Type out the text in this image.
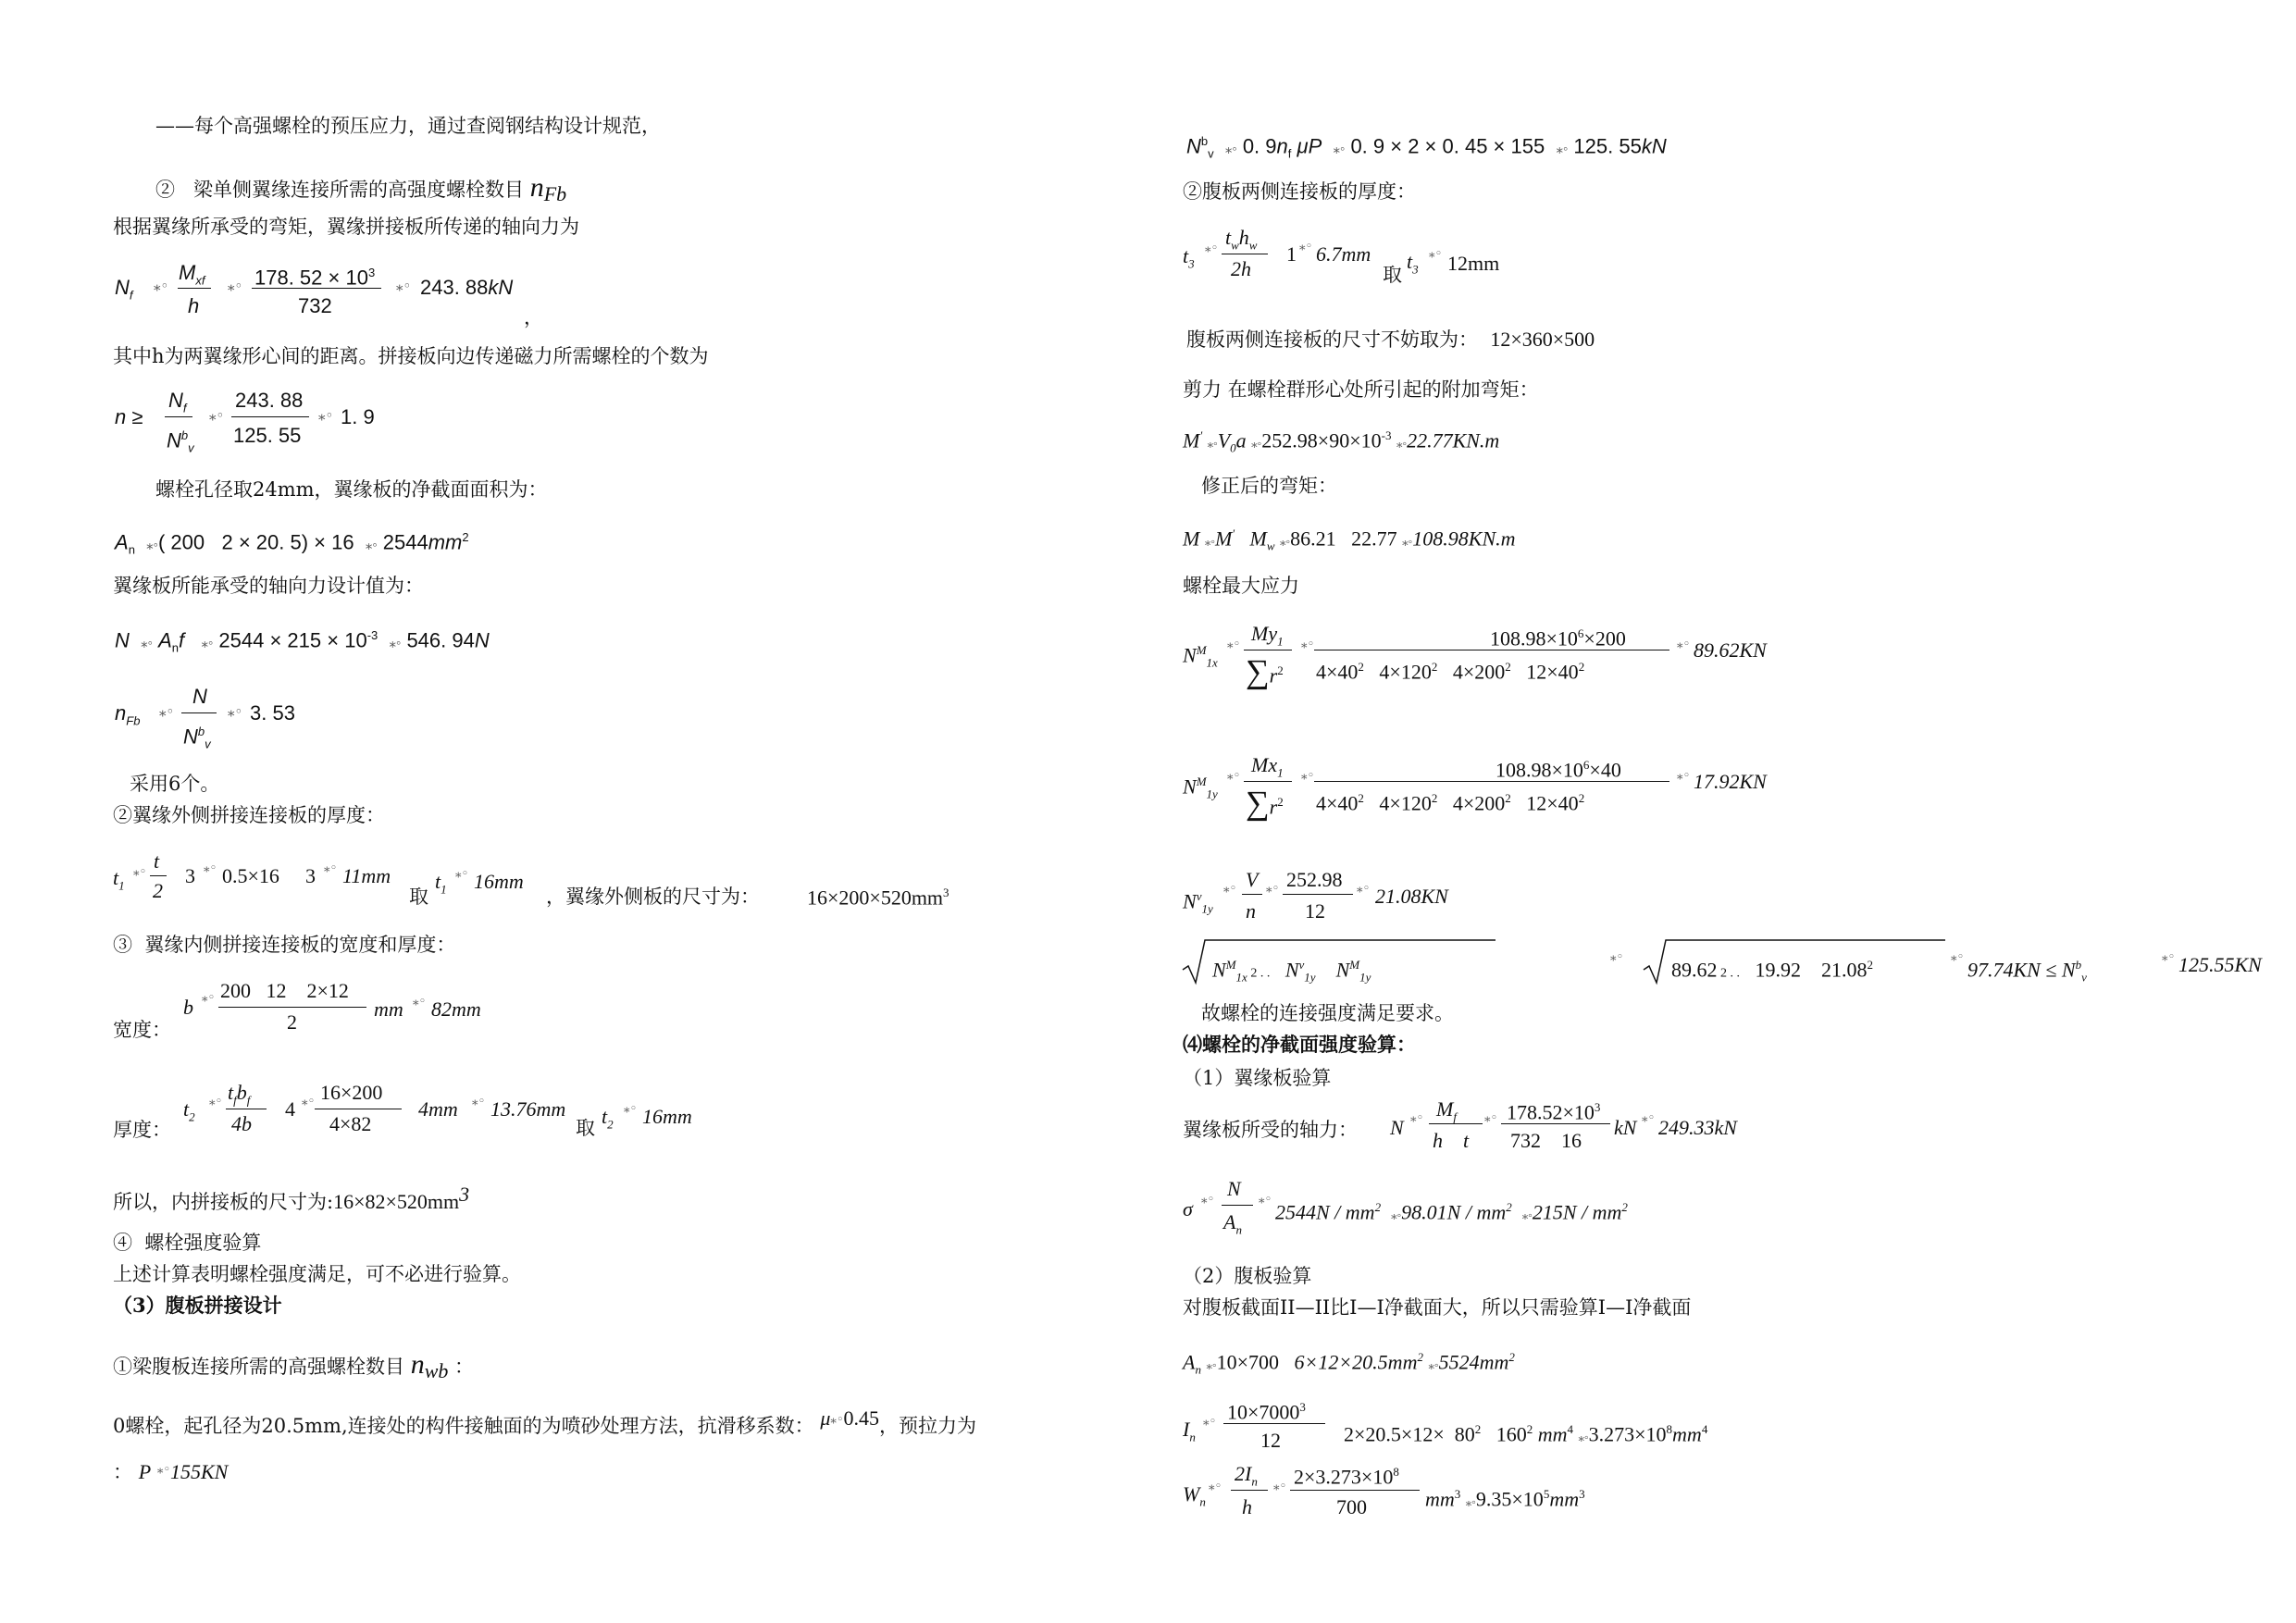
——每个高强螺栓的预压应力，通过查阅钢结构设计规范，
②   梁单侧翼缘连接所需的高强度螺栓数目 $n_{Fb}$
根据翼缘所承受的弯矩，翼缘拼接板所传递的轴向力为
$N_f$
⁎◦
$M_{xf}$
h
⁎◦ 178. $52 \times 10^3$
732
⁎◦ 243. 88kN
，
其中h为两翼缘形心间的距离。拼接板向边传递磁力所需螺栓的个数为
n ≥
$N_f$
$N^b_v$
⁎◦
243. 88
125. 55
⁎◦ 1. 9
螺栓孔径取24mm，翼缘板的净截面面积为：
$A_n$ ⁎◦( 200 2 × 20. 5) × 16 ⁎◦ $2544mm^2$
翼缘板所能承受的轴向力设计值为：
N ⁎◦ $A_nf$ ⁎◦ $2544 \times 215 \times 10^{-3}$ ⁎◦ 546. 94N
$n_{Fb}$
⁎◦
N
$N^b_v$
⁎◦ 3. 53
采用6个。
②翼缘外侧拼接连接板的厚度：
$t_1$
⁎◦ t
2
3 ⁎◦ 0.5×16 3 ⁎◦ 11mm
取
$t_1$
⁎◦ 16mm
，翼缘外侧板的尺寸为： $16\times 200\times 520mm^3$
③  翼缘内侧拼接连接板的宽度和厚度：
b ⁎◦ 200 12 2×12
2
mm ⁎◦ 82mm
宽度：
$t_2$
⁎◦ $t_fb_f$
4b
4 ⁎◦ 16×200
4×82
4mm ⁎◦ 13.76mm
取 $t_2$
⁎◦ 16mm
厚度：
所以，内拼接板的尺寸为$:16\times 82\times 520mm^3$
④  螺栓强度验算
上述计算表明螺栓强度满足，可不必进行验算。
（3）腹板拼接设计
①梁腹板连接所需的高强螺栓数目 $n_{wb}$ ：
0螺栓，起孔径为20.5mm,连接处的构件接触面的为喷砂处理方法，抗滑移系数： μ⁎◦0.45，预拉力为
： P ⁎◦155KN
$N^b_v$ ⁎◦ 0. $9n_f$ μP ⁎◦ 0. 9 × 2 × 0. 45 × 155 ⁎◦ 125. 55kN
②腹板两侧连接板的厚度：
$t_3$
⁎◦ $t_wh_w$
2h
1 ⁎◦ 6.7mm
取
$t_3$
⁎◦ 12mm
腹板两侧连接板的尺寸不妨取为： 12×360×500
剪力 在螺栓群形心处所引起的附加弯矩：
M' $⁎◦V_0a$ $⁎◦252.98\times 90\times 10^{-3}$ ⁎◦22.77KN.m
修正后的弯矩：
M ⁎◦M' $M_w$ ⁎◦86.21 22.77 ⁎◦108.98KN.m
螺栓最大应力
$N^M_{1x}$
⁎◦ $My_1$
$\sum r^2$
⁎◦	$108.98\times 10^6\times 200$
$4\times 40^2$ $4\times 120^2$ $4\times 200^2$ $12\times 40^2$
⁎◦ 89.62KN
$N^M_{1y}$
⁎◦ $Mx_1$
$\sum r^2$
⁎◦	$108.98\times 10^6\times 40$
$4\times 40^2$ $4\times 120^2$ $4\times 200^2$ $12\times 40^2$
⁎◦ 17.92KN
$N^v_{1y}$
⁎◦ V
n
⁎◦ 252.98
12
⁎◦ 21.08KN
$N^M_{1x}$ 2 . . $N^v_{1y}$ $N^M_{1y}$
⁎◦
89.62 2 . . 19.92 21.08$^2$
⁎◦
$97.74KN \le N^b_v$
⁎◦ 125.55KN
故螺栓的连接强度满足要求。
⑷螺栓的净截面强度验算：
（1）翼缘板验算
翼缘板所受的轴力： N ⁎◦ $M_f$
h t
⁎◦ $178.52\times 10^3$
732 16
kN ⁎◦ 249.33kN
σ ⁎◦ N
$A_n$
⁎◦
$2544N / mm^2$  ⁎◦98.01N / $mm^2$  ⁎◦215N / $mm^2$
（2）腹板验算
对腹板截面II—II比I—I净截面大，所以只需验算I—I净截面
$A_n$ ⁎◦10×700 $6\times 12\times 20.5mm^2$ $⁎◦5524mm^2$
$I_n$
⁎◦ $10\times 7000^3$
12	$2\times 20.5\times 12\times 80^2$ $160^2$ $mm^4$ $⁎◦3.273\times 10^8mm^4$
$W_n$
⁎◦
$2I_n$
h
⁎◦ $2\times 3.273\times 10^8$
700	$mm^3$ $⁎◦9.35\times 10^5mm^3$
